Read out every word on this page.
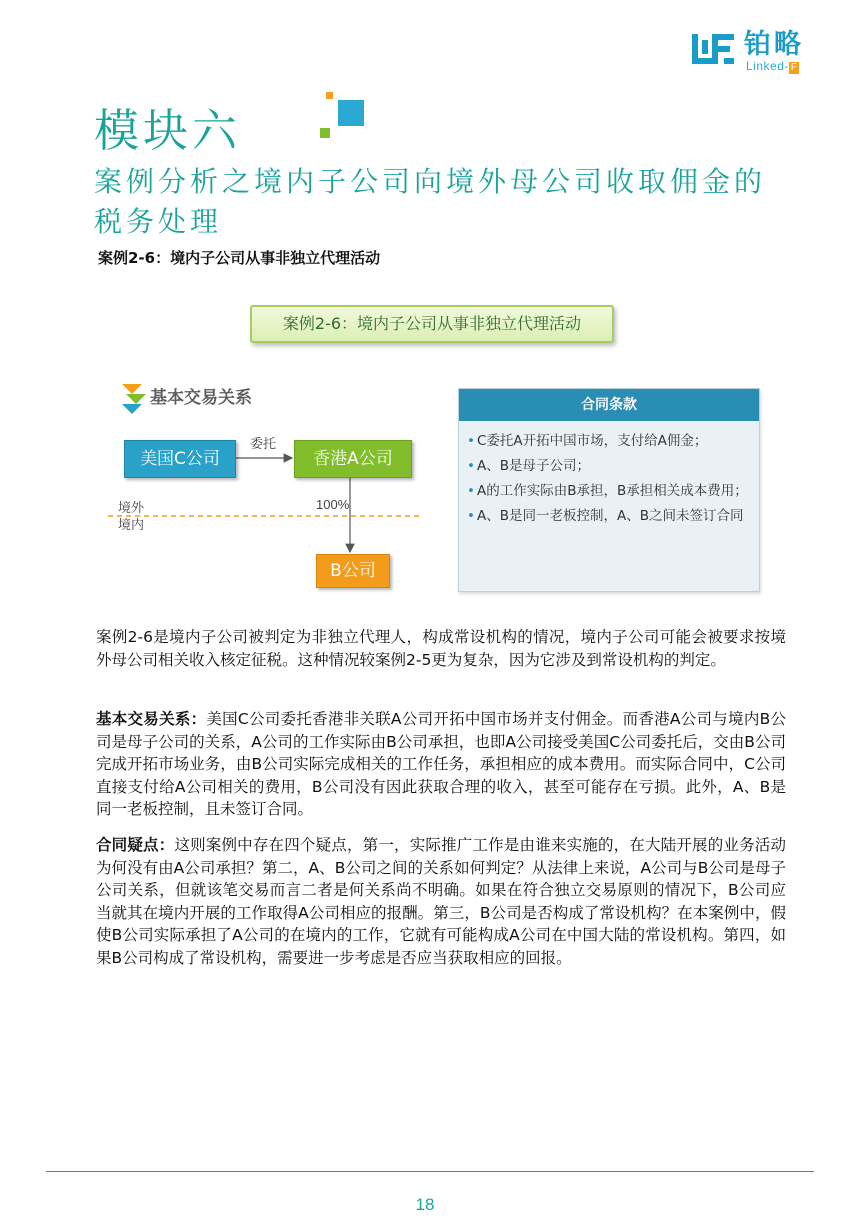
铂略
Linked- F
模块六
案例分析之境内子公司向境外母公司收取佣金的税务处理
案例2-6：境内子公司从事非独立代理活动
案例2-6：境内子公司从事非独立代理活动
基本交易关系
美国C公司	香港A公司
B公司
委托
100%
境外
境内
合同条款
• C委托A开拓中国市场，支付给A佣金；
• A、B是母子公司；
• A的工作实际由B承担，B承担相关成本费用；
• A、B是同一老板控制，A、B之间未签订合同
案例2-6是境内子公司被判定为非独立代理人，构成常设机构的情况，境内子公司可能会被要求按境外母公司相关收入核定征税。这种情况较案例2-5更为复杂，因为它涉及到常设机构的判定。
基本交易关系：美国C公司委托香港非关联A公司开拓中国市场并支付佣金。而香港A公司与境内B公司是母子公司的关系，A公司的工作实际由B公司承担，也即A公司接受美国C公司委托后，交由B公司完成开拓市场业务，由B公司实际完成相关的工作任务，承担相应的成本费用。而实际合同中，C公司直接支付给A公司相关的费用，B公司没有因此获取合理的收入，甚至可能存在亏损。此外，A、B是同一老板控制，且未签订合同。
合同疑点：这则案例中存在四个疑点，第一，实际推广工作是由谁来实施的，在大陆开展的业务活动为何没有由A公司承担？第二，A、B公司之间的关系如何判定？从法律上来说，A公司与B公司是母子公司关系，但就该笔交易而言二者是何关系尚不明确。如果在符合独立交易原则的情况下，B公司应当就其在境内开展的工作取得A公司相应的报酬。第三，B公司是否构成了常设机构？在本案例中，假使B公司实际承担了A公司的在境内的工作，它就有可能构成A公司在中国大陆的常设机构。第四，如果B公司构成了常设机构，需要进一步考虑是否应当获取相应的回报。
18
